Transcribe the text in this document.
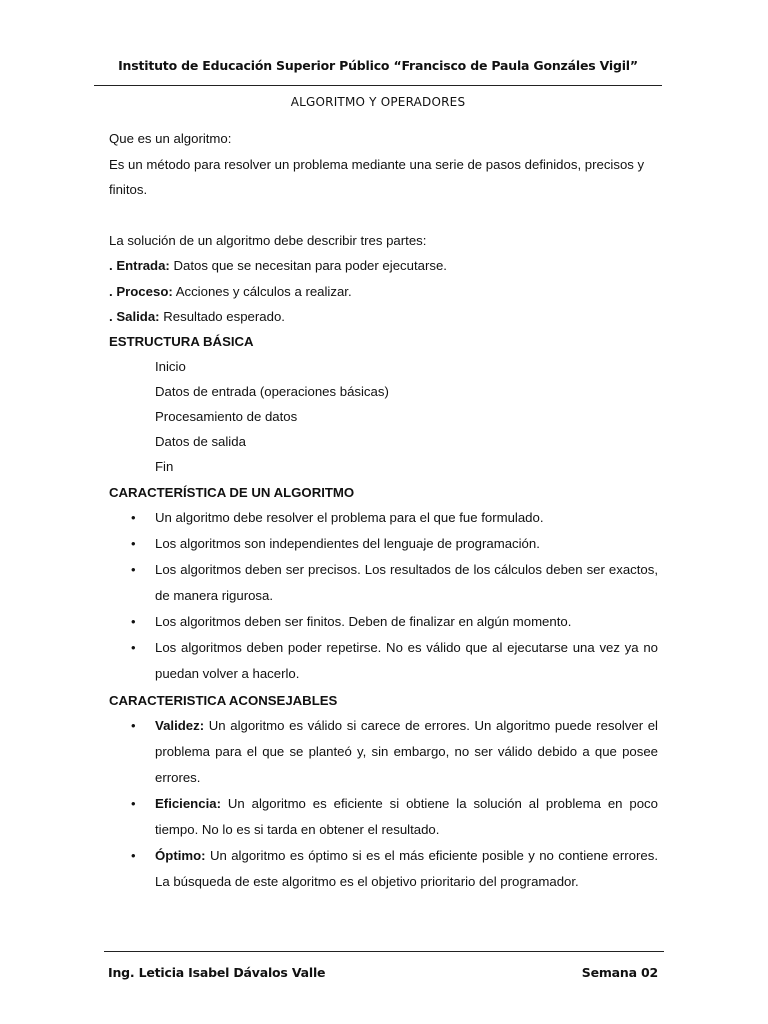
Instituto de Educación Superior Público “Francisco de Paula Gonzáles Vigil”
ALGORITMO Y OPERADORES

Que es un algoritmo:

Es un método para resolver un problema mediante una serie de pasos definidos, precisos y finitos.

La solución de un algoritmo debe describir tres partes:

. Entrada: Datos que se necesitan para poder ejecutarse.

. Proceso: Acciones y cálculos a realizar.

. Salida: Resultado esperado.

ESTRUCTURA BÁSICA

Inicio

Datos de entrada (operaciones básicas)

Procesamiento de datos

Datos de salida

Fin

CARACTERÍSTICA DE UN ALGORITMO

• Un algoritmo debe resolver el problema para el que fue formulado.
• Los algoritmos son independientes del lenguaje de programación.
• Los algoritmos deben ser precisos. Los resultados de los cálculos deben ser exactos, de manera rigurosa.
• Los algoritmos deben ser finitos. Deben de finalizar en algún momento.
• Los algoritmos deben poder repetirse. No es válido que al ejecutarse una vez ya no puedan volver a hacerlo.

CARACTERISTICA ACONSEJABLES

• Validez: Un algoritmo es válido si carece de errores. Un algoritmo puede resolver el problema para el que se planteó y, sin embargo, no ser válido debido a que posee errores.
• Eficiencia: Un algoritmo es eficiente si obtiene la solución al problema en poco tiempo. No lo es si tarda en obtener el resultado.
• Óptimo: Un algoritmo es óptimo si es el más eficiente posible y no contiene errores. La búsqueda de este algoritmo es el objetivo prioritario del programador.
Ing. Leticia Isabel Dávalos Valle	Semana 02
